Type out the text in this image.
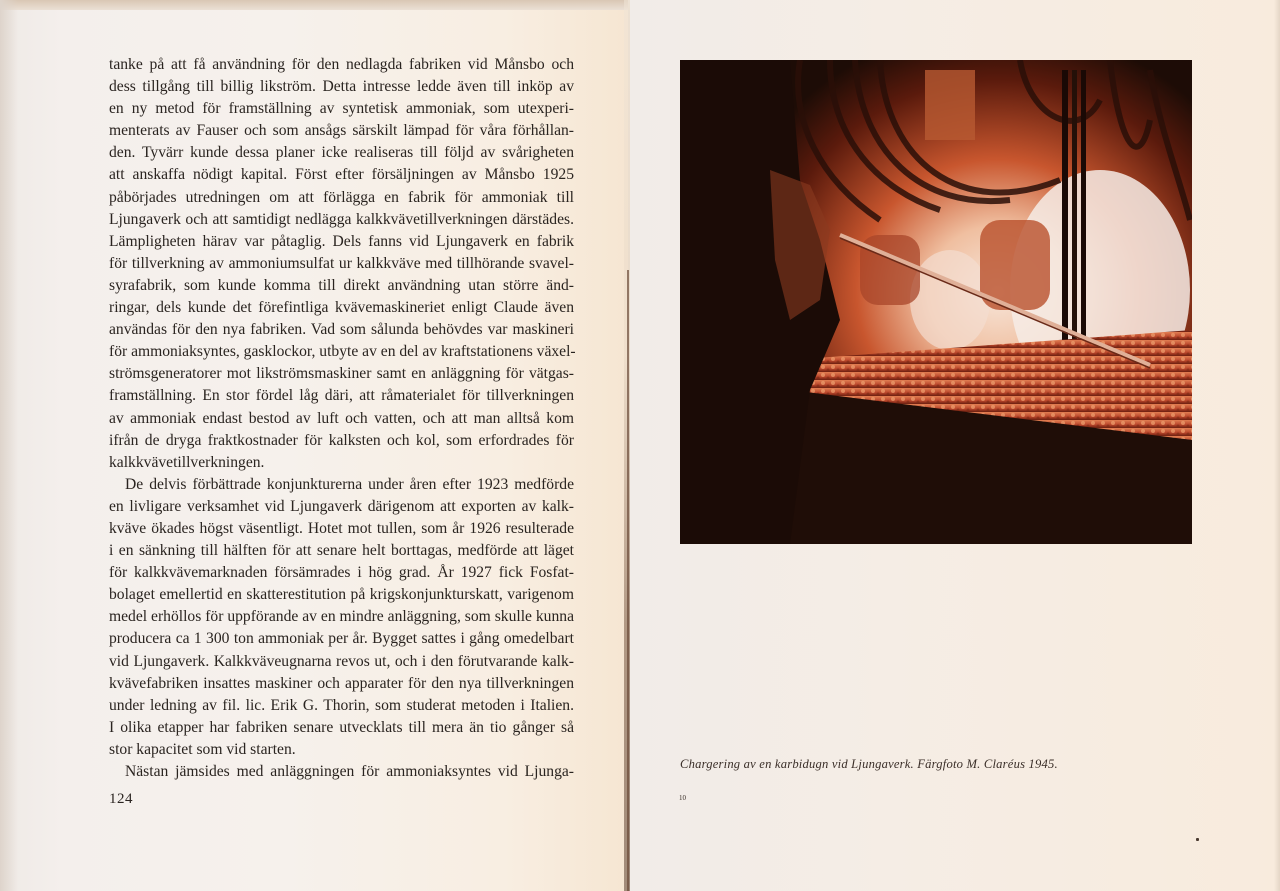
tanke på att få användning för den nedlagda fabriken vid Månsbo och
dess tillgång till billig likström. Detta intresse ledde även till inköp av
en ny metod för framställning av syntetisk ammoniak, som utexperi-
menterats av Fauser och som ansågs särskilt lämpad för våra förhållan-
den. Tyvärr kunde dessa planer icke realiseras till följd av svårigheten
att anskaffa nödigt kapital. Först efter försäljningen av Månsbo 1925
påbörjades utredningen om att förlägga en fabrik för ammoniak till
Ljungaverk och att samtidigt nedlägga kalkkvävetillverkningen därstädes.
Lämpligheten härav var påtaglig. Dels fanns vid Ljungaverk en fabrik
för tillverkning av ammoniumsulfat ur kalkkväve med tillhörande svavel-
syrafabrik, som kunde komma till direkt användning utan större änd-
ringar, dels kunde det förefintliga kvävemaskineriet enligt Claude även
användas för den nya fabriken. Vad som sålunda behövdes var maskineri
för ammoniaksyntes, gasklockor, utbyte av en del av kraftstationens växel-
strömsgeneratorer mot likströmsmaskiner samt en anläggning för vätgas-
framställning. En stor fördel låg däri, att råmaterialet för tillverkningen
av ammoniak endast bestod av luft och vatten, och att man alltså kom
ifrån de dryga fraktkostnader för kalksten och kol, som erfordrades för
kalkkvävetillverkningen.

De delvis förbättrade konjunkturerna under åren efter 1923 medförde
en livligare verksamhet vid Ljungaverk därigenom att exporten av kalk-
kväve ökades högst väsentligt. Hotet mot tullen, som år 1926 resulterade
i en sänkning till hälften för att senare helt borttagas, medförde att läget
för kalkkvävemarknaden försämrades i hög grad. År 1927 fick Fosfat-
bolaget emellertid en skatterestitution på krigskonjunkturskatt, varigenom
medel erhöllos för uppförande av en mindre anläggning, som skulle kunna
producera ca 1 300 ton ammoniak per år. Bygget sattes i gång omedelbart
vid Ljungaverk. Kalkkväveugnarna revos ut, och i den förutvarande kalk-
kvävefabriken insattes maskiner och apparater för den nya tillverkningen
under ledning av fil. lic. Erik G. Thorin, som studerat metoden i Italien.
I olika etapper har fabriken senare utvecklats till mera än tio gånger så
stor kapacitet som vid starten.

Nästan jämsides med anläggningen för ammoniaksyntes vid Ljunga-

124
Chargering av en karbidugn vid Ljungaverk. Färgfoto M. Claréus 1945.
10
